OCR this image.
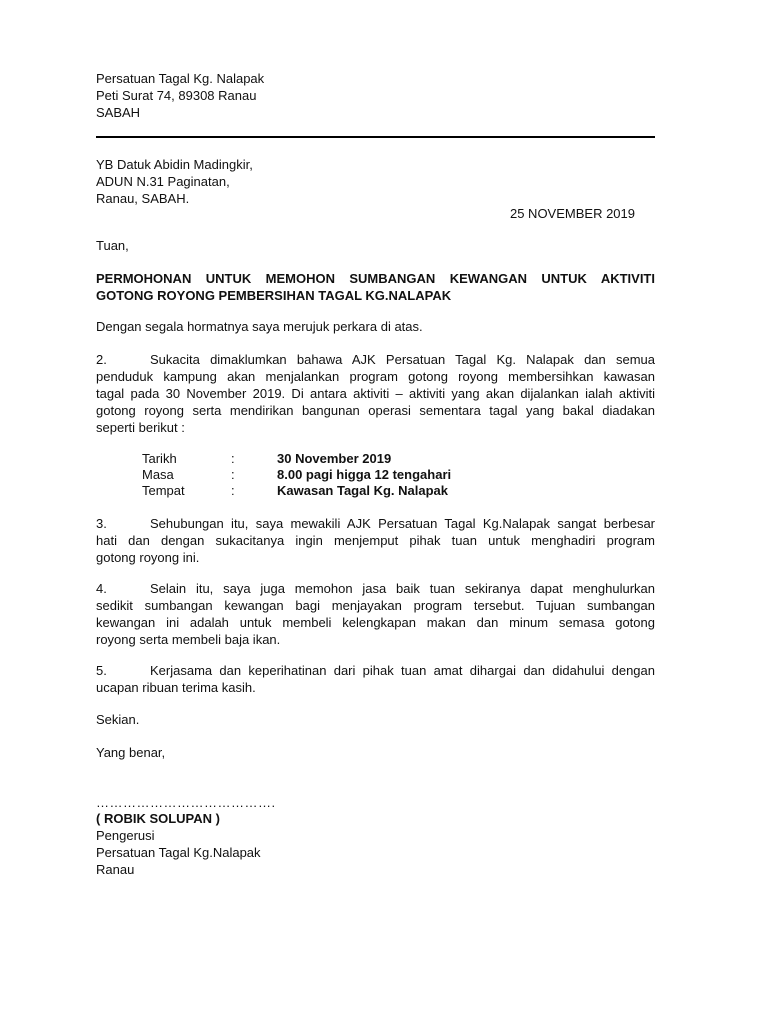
Persatuan Tagal Kg. Nalapak
Peti Surat 74, 89308 Ranau
SABAH
YB Datuk Abidin Madingkir,
ADUN N.31 Paginatan,
Ranau, SABAH.
25 NOVEMBER 2019
Tuan,
PERMOHONAN UNTUK MEMOHON SUMBANGAN KEWANGAN UNTUK AKTIVITI
GOTONG ROYONG PEMBERSIHAN TAGAL KG.NALAPAK
Dengan segala hormatnya saya merujuk perkara di atas.
2.	Sukacita dimaklumkan bahawa AJK Persatuan Tagal Kg. Nalapak dan semua
penduduk kampung akan menjalankan program gotong royong membersihkan kawasan
tagal pada 30 November 2019. Di antara aktiviti – aktiviti yang akan dijalankan ialah aktiviti
gotong royong serta mendirikan bangunan operasi sementara tagal yang bakal diadakan
seperti berikut :
Tarikh	:	30 November 2019
Masa	:	8.00 pagi higga 12 tengahari
Tempat	:	Kawasan Tagal Kg. Nalapak
3.	Sehubungan itu, saya mewakili AJK Persatuan Tagal Kg.Nalapak sangat berbesar
hati dan dengan sukacitanya ingin menjemput pihak tuan untuk menghadiri program
gotong royong ini.
4.	Selain itu, saya juga memohon jasa baik tuan sekiranya dapat menghulurkan
sedikit sumbangan kewangan bagi menjayakan program tersebut. Tujuan sumbangan
kewangan ini adalah untuk membeli kelengkapan makan dan minum semasa gotong
royong serta membeli baja ikan.
5.	Kerjasama dan keperihatinan dari pihak tuan amat dihargai dan didahului dengan
ucapan ribuan terima kasih.
Sekian.
Yang benar,
………………………………….
( ROBIK SOLUPAN )
Pengerusi
Persatuan Tagal Kg.Nalapak
Ranau
